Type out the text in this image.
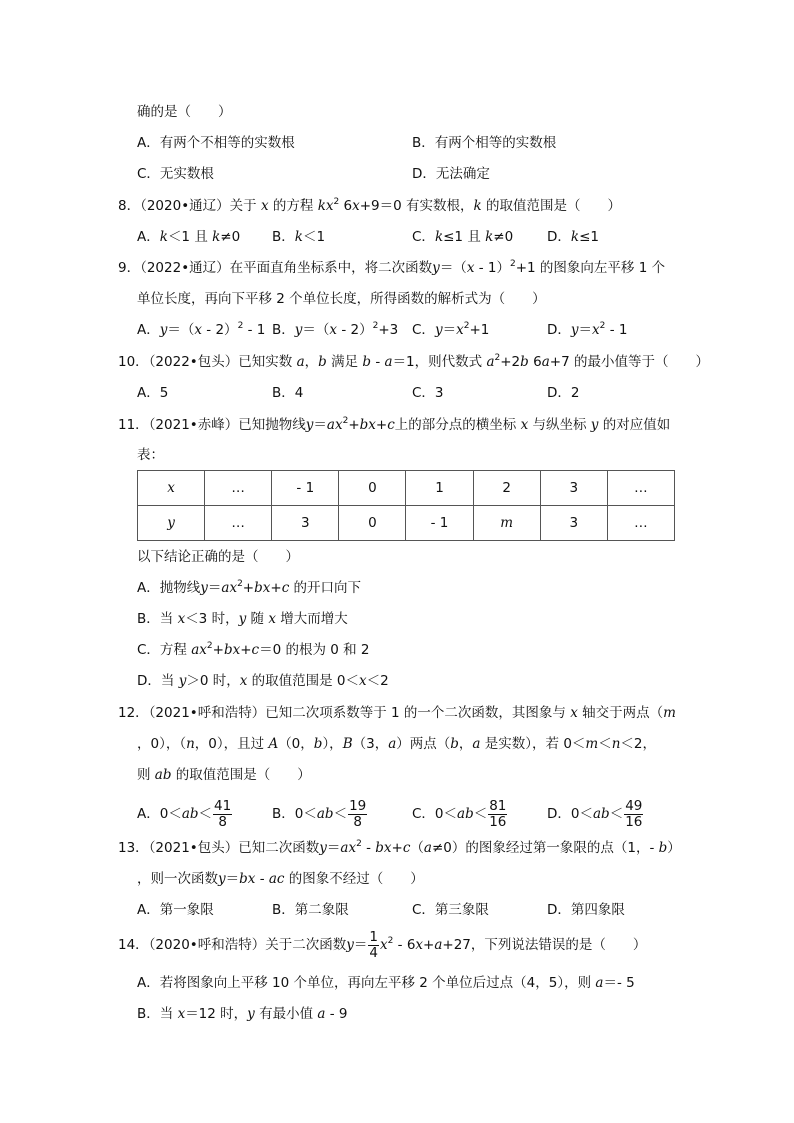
确的是（　　）
A．有两个不相等的实数根	B．有两个相等的实数根
C．无实数根	D．无法确定
8．（2020•通辽）关于 x 的方程 $kx^2$ 6x+9＝0 有实数根，k 的取值范围是（　　）
A．k＜1 且 k≠0 B．k＜1	C．k≤1 且 k≠0	D．k≤1
9．（2022•通辽）在平面直角坐标系中，将二次函数y＝（x - 1）$^2$+1 的图象向左平移 1 个
单位长度，再向下平移 2 个单位长度，所得函数的解析式为（　　）
A．y＝（x - 2）$^2$ - 1 B．y＝（x - 2）$^2$+3 C．$y=x^2+1$	D．$y=x^2 - 1$
10．（2022•包头）已知实数 a，b 满足 b - a＝1，则代数式 $a^2+2b$ 6a+7 的最小值等于（　　）
A．5	B．4	C．3	D．2
11．（2021•赤峰）已知抛物线$y=ax^2+bx+c$上的部分点的横坐标 x 与纵坐标 y 的对应值如
表：
x	…	- 1	0	1	2	3	…
y	…	3	0	- 1	m	3	…
以下结论正确的是（　　）
A．抛物线$y=ax^2+bx+c$ 的开口向下
B．当 x＜3 时，y 随 x 增大而增大
C．方程 $ax^2+bx+c=0$ 的根为 0 和 2
D．当 y＞0 时，x 的取值范围是 0＜x＜2
12．（2021•呼和浩特）已知二次项系数等于 1 的一个二次函数，其图象与 x 轴交于两点（m
，0），（n，0），且过 A（0，b），B（3，a）两点（b，a 是实数），若 0＜m＜n＜2，
则 ab 的取值范围是（　　）
A．$0<ab< \frac{41}{8}$	B．$0<ab< \frac{19}{8}$	C．$0<ab< \frac{81}{16}$	D．$0<ab< \frac{49}{16}$
13．（2021•包头）已知二次函数$y=ax^2 - bx+c(a\ne 0)$的图象经过第一象限的点（1，- b）
，则一次函数y＝bx - ac 的图象不经过（　　）
A．第一象限	B．第二象限	C．第三象限	D．第四象限
14．（2020•呼和浩特）关于二次函数$y= \frac{1}{4} x^2 - 6x+a+27$，下列说法错误的是（　　）
A．若将图象向上平移 10 个单位，再向左平移 2 个单位后过点（4，5），则 a＝- 5
B．当 x＝12 时，y 有最小值 a - 9
